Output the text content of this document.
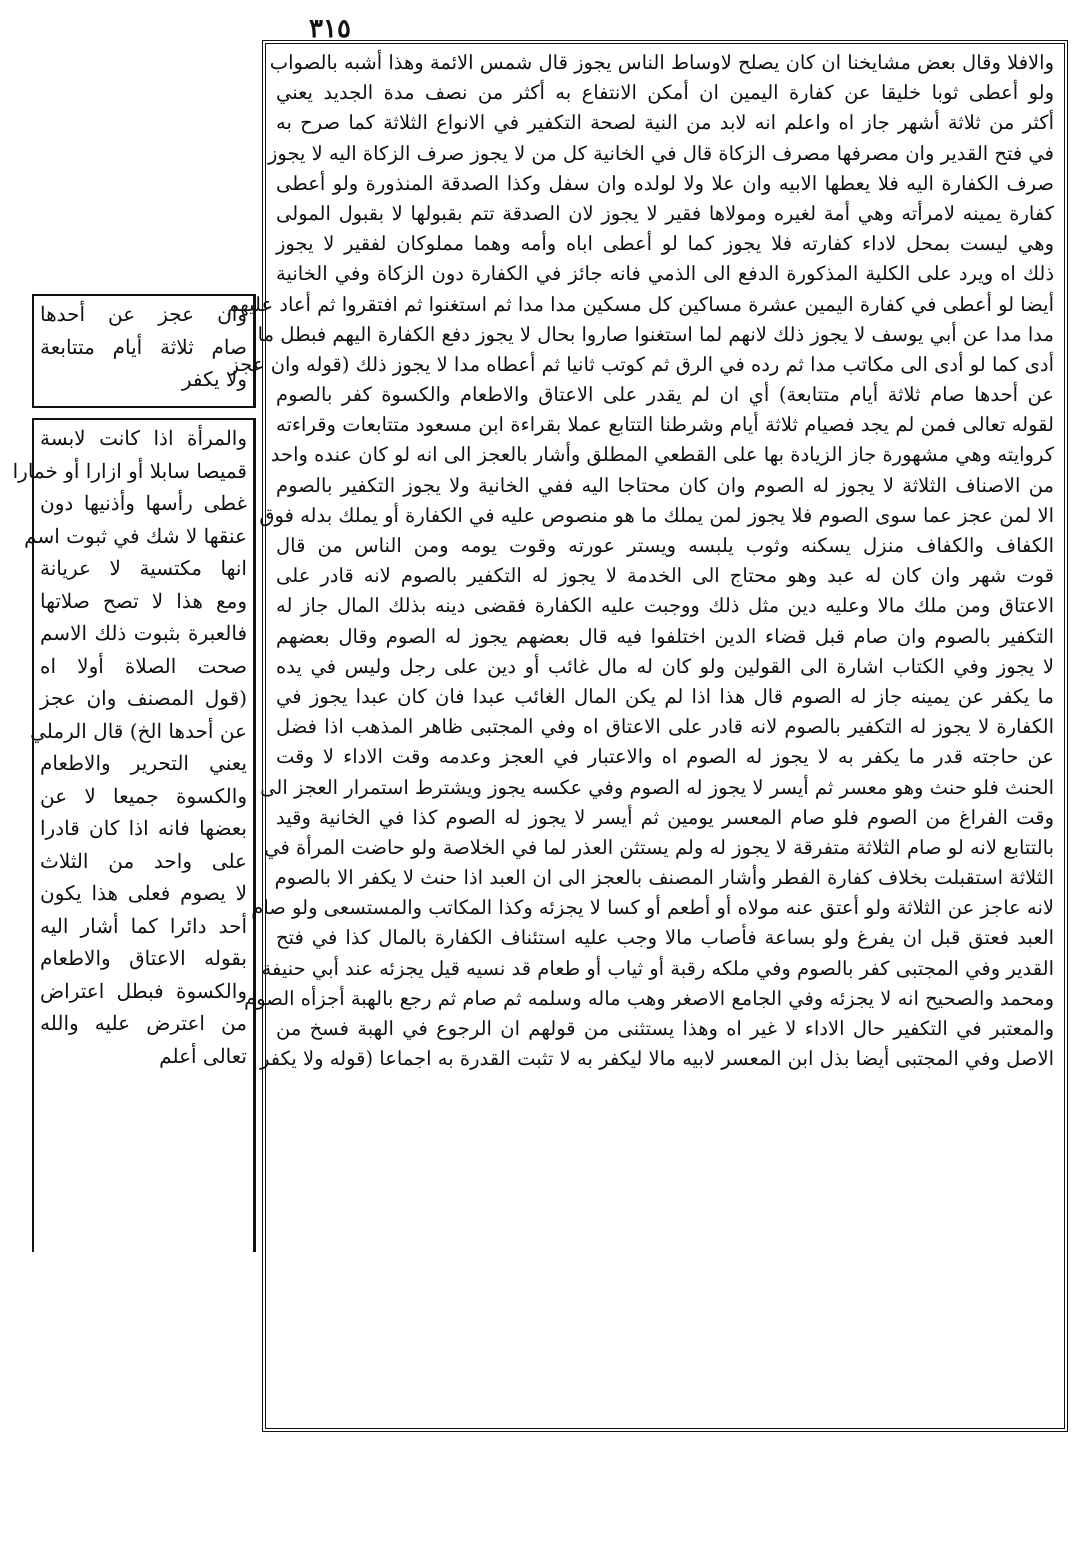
٣١٥
والافلا وقال بعض مشايخنا ان كان يصلح لاوساط الناس يجوز قال شمس الائمة وهذا أشبه بالصواب
ولو أعطى ثوبا خليقا عن كفارة اليمين ان أمكن الانتفاع به أكثر من نصف مدة الجديد يعني
أكثر من ثلاثة أشهر جاز اه واعلم انه لابد من النية لصحة التكفير في الانواع الثلاثة كما صرح به
في فتح القدير وان مصرفها مصرف الزكاة قال في الخانية كل من لا يجوز صرف الزكاة اليه لا يجوز
صرف الكفارة اليه فلا يعطها الابيه وان علا ولا لولده وان سفل وكذا الصدقة المنذورة ولو أعطى
كفارة يمينه لامرأته وهي أمة لغيره ومولاها فقير لا يجوز لان الصدقة تتم بقبولها لا بقبول المولى
وهي ليست بمحل لاداء كفارته فلا يجوز كما لو أعطى اباه وأمه وهما مملوكان لفقير لا يجوز
ذلك اه ويرد على الكلية المذكورة الدفع الى الذمي فانه جائز في الكفارة دون الزكاة وفي الخانية
أيضا لو أعطى في كفارة اليمين عشرة مساكين كل مسكين مدا مدا ثم استغنوا ثم افتقروا ثم أعاد عليهم
مدا مدا عن أبي يوسف لا يجوز ذلك لانهم لما استغنوا صاروا بحال لا يجوز دفع الكفارة اليهم فبطل ما
أدى كما لو أدى الى مكاتب مدا ثم رده في الرق ثم كوتب ثانيا ثم أعطاه مدا لا يجوز ذلك (قوله وان عجز
عن أحدها صام ثلاثة أيام متتابعة) أي ان لم يقدر على الاعتاق والاطعام والكسوة كفر بالصوم
لقوله تعالى فمن لم يجد فصيام ثلاثة أيام وشرطنا التتابع عملا بقراءة ابن مسعود متتابعات وقراءته
كروايته وهي مشهورة جاز الزيادة بها على القطعي المطلق وأشار بالعجز الى انه لو كان عنده واحد
من الاصناف الثلاثة لا يجوز له الصوم وان كان محتاجا اليه ففي الخانية ولا يجوز التكفير بالصوم
الا لمن عجز عما سوى الصوم فلا يجوز لمن يملك ما هو منصوص عليه في الكفارة أو يملك بدله فوق
الكفاف والكفاف منزل يسكنه وثوب يلبسه ويستر عورته وقوت يومه ومن الناس من قال
قوت شهر وان كان له عبد وهو محتاج الى الخدمة لا يجوز له التكفير بالصوم لانه قادر على
الاعتاق ومن ملك مالا وعليه دين مثل ذلك ووجبت عليه الكفارة فقضى دينه بذلك المال جاز له
التكفير بالصوم وان صام قبل قضاء الدين اختلفوا فيه قال بعضهم يجوز له الصوم وقال بعضهم
لا يجوز وفي الكتاب اشارة الى القولين ولو كان له مال غائب أو دين على رجل وليس في يده
ما يكفر عن يمينه جاز له الصوم قال هذا اذا لم يكن المال الغائب عبدا فان كان عبدا يجوز في
الكفارة لا يجوز له التكفير بالصوم لانه قادر على الاعتاق اه وفي المجتبى ظاهر المذهب اذا فضل
عن حاجته قدر ما يكفر به لا يجوز له الصوم اه والاعتبار في العجز وعدمه وقت الاداء لا وقت
الحنث فلو حنث وهو معسر ثم أيسر لا يجوز له الصوم وفي عكسه يجوز ويشترط استمرار العجز الى
وقت الفراغ من الصوم فلو صام المعسر يومين ثم أيسر لا يجوز له الصوم كذا في الخانية وقيد
بالتتابع لانه لو صام الثلاثة متفرقة لا يجوز له ولم يستثن العذر لما في الخلاصة ولو حاضت المرأة في
الثلاثة استقبلت بخلاف كفارة الفطر وأشار المصنف بالعجز الى ان العبد اذا حنث لا يكفر الا بالصوم
لانه عاجز عن الثلاثة ولو أعتق عنه مولاه أو أطعم أو كسا لا يجزئه وكذا المكاتب والمستسعى ولو صام
العبد فعتق قبل ان يفرغ ولو بساعة فأصاب مالا وجب عليه استئناف الكفارة بالمال كذا في فتح
القدير وفي المجتبى كفر بالصوم وفي ملكه رقبة أو ثياب أو طعام قد نسيه قيل يجزئه عند أبي حنيفة
ومحمد والصحيح انه لا يجزئه وفي الجامع الاصغر وهب ماله وسلمه ثم صام ثم رجع بالهبة أجزأه الصوم
والمعتبر في التكفير حال الاداء لا غير اه وهذا يستثنى من قولهم ان الرجوع في الهبة فسخ من
الاصل وفي المجتبى أيضا بذل ابن المعسر لابيه مالا ليكفر به لا تثبت القدرة به اجماعا (قوله ولا يكفر
وان عجز عن أحدها
صام ثلاثة أيام متتابعة
ولا يكفر
والمرأة اذا كانت لابسة
قميصا سابلا أو ازارا أو خمارا
غطى رأسها وأذنيها دون
عنقها لا شك في ثبوت اسم
انها مكتسية لا عريانة
ومع هذا لا تصح صلاتها
فالعبرة بثبوت ذلك الاسم
صحت الصلاة أولا اه
(قول المصنف وان عجز
عن أحدها الخ) قال الرملي
يعني التحرير والاطعام
والكسوة جميعا لا عن
بعضها فانه اذا كان قادرا
على واحد من الثلاث
لا يصوم فعلى هذا يكون
أحد دائرا كما أشار اليه
بقوله الاعتاق والاطعام
والكسوة فبطل اعتراض
من اعترض عليه والله
تعالى أعلم
